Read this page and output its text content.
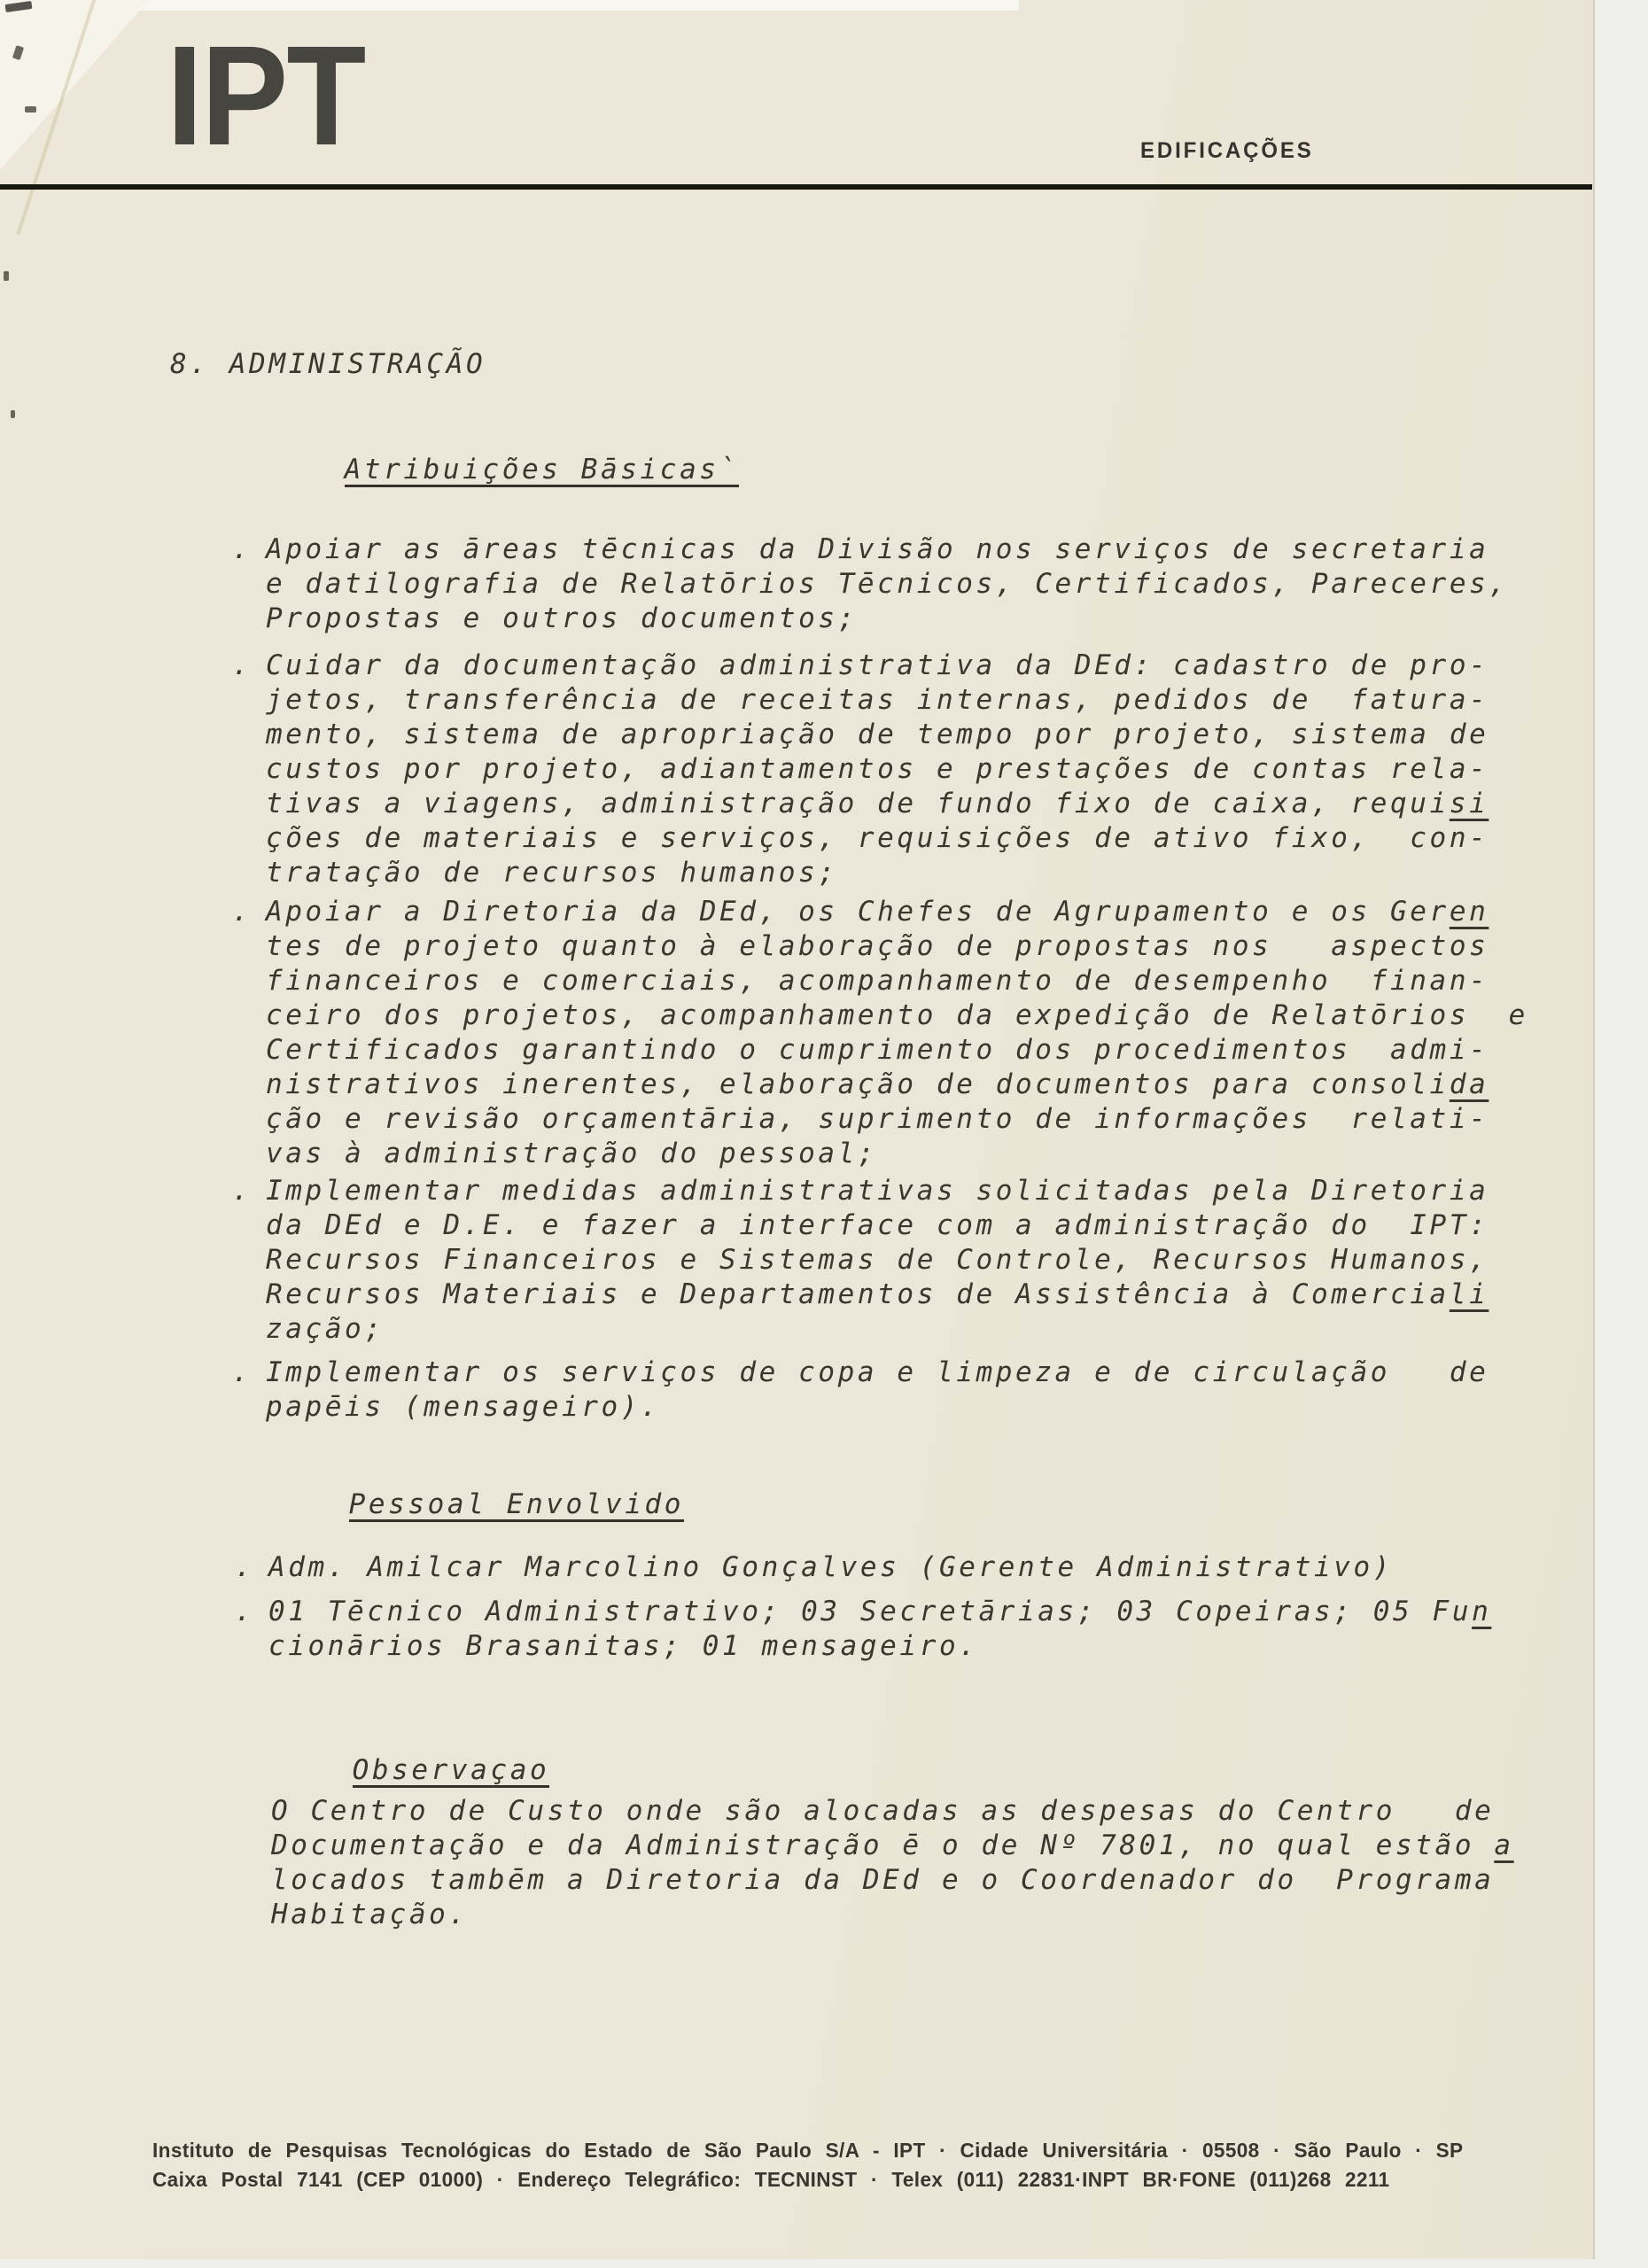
IPT	EDIFICAÇÕES
8. ADMINISTRAÇÃO

Atribuições Bāsicas`

. Apoiar as āreas tēcnicas da Divisão nos serviços de secretaria
e datilografia de Relatōrios Tēcnicos, Certificados, Pareceres,
Propostas e outros documentos;
. Cuidar da documentação administrativa da DEd: cadastro de pro-
jetos, transferência de receitas internas, pedidos de  fatura-
mento, sistema de apropriação de tempo por projeto, sistema de
custos por projeto, adiantamentos e prestações de contas rela-
tivas a viagens, administração de fundo fixo de caixa, requisi
ções de materiais e serviços, requisições de ativo fixo,  con-
tratação de recursos humanos;
. Apoiar a Diretoria da DEd, os Chefes de Agrupamento e os Geren
tes de projeto quanto à elaboração de propostas nos   aspectos
financeiros e comerciais, acompanhamento de desempenho  finan-
ceiro dos projetos, acompanhamento da expedição de Relatōrios  e
Certificados garantindo o cumprimento dos procedimentos  admi-
nistrativos inerentes, elaboração de documentos para consolida
ção e revisão orçamentāria, suprimento de informações  relati-
vas à administração do pessoal;
. Implementar medidas administrativas solicitadas pela Diretoria
da DEd e D.E. e fazer a interface com a administração do  IPT:
Recursos Financeiros e Sistemas de Controle, Recursos Humanos,
Recursos Materiais e Departamentos de Assistência à Comerciali
zação;
. Implementar os serviços de copa e limpeza e de circulação   de
papēis (mensageiro).

Pessoal Envolvido

. Adm. Amilcar Marcolino Gonçalves (Gerente Administrativo)
. 01 Tēcnico Administrativo; 03 Secretārias; 03 Copeiras; 05 Fun
cionārios Brasanitas; 01 mensageiro.

Observaçao

O Centro de Custo onde são alocadas as despesas do Centro   de
Documentação e da Administração ē o de Nº 7801, no qual estão a
locados tambēm a Diretoria da DEd e o Coordenador do  Programa
Habitação.
Instituto de Pesquisas Tecnológicas do Estado de São Paulo S/A - IPT · Cidade Universitária · 05508 · São Paulo · SP
Caixa Postal 7141 (CEP 01000) · Endereço Telegráfico: TECNINST · Telex (011) 22831·INPT BR·FONE (011)268 2211
